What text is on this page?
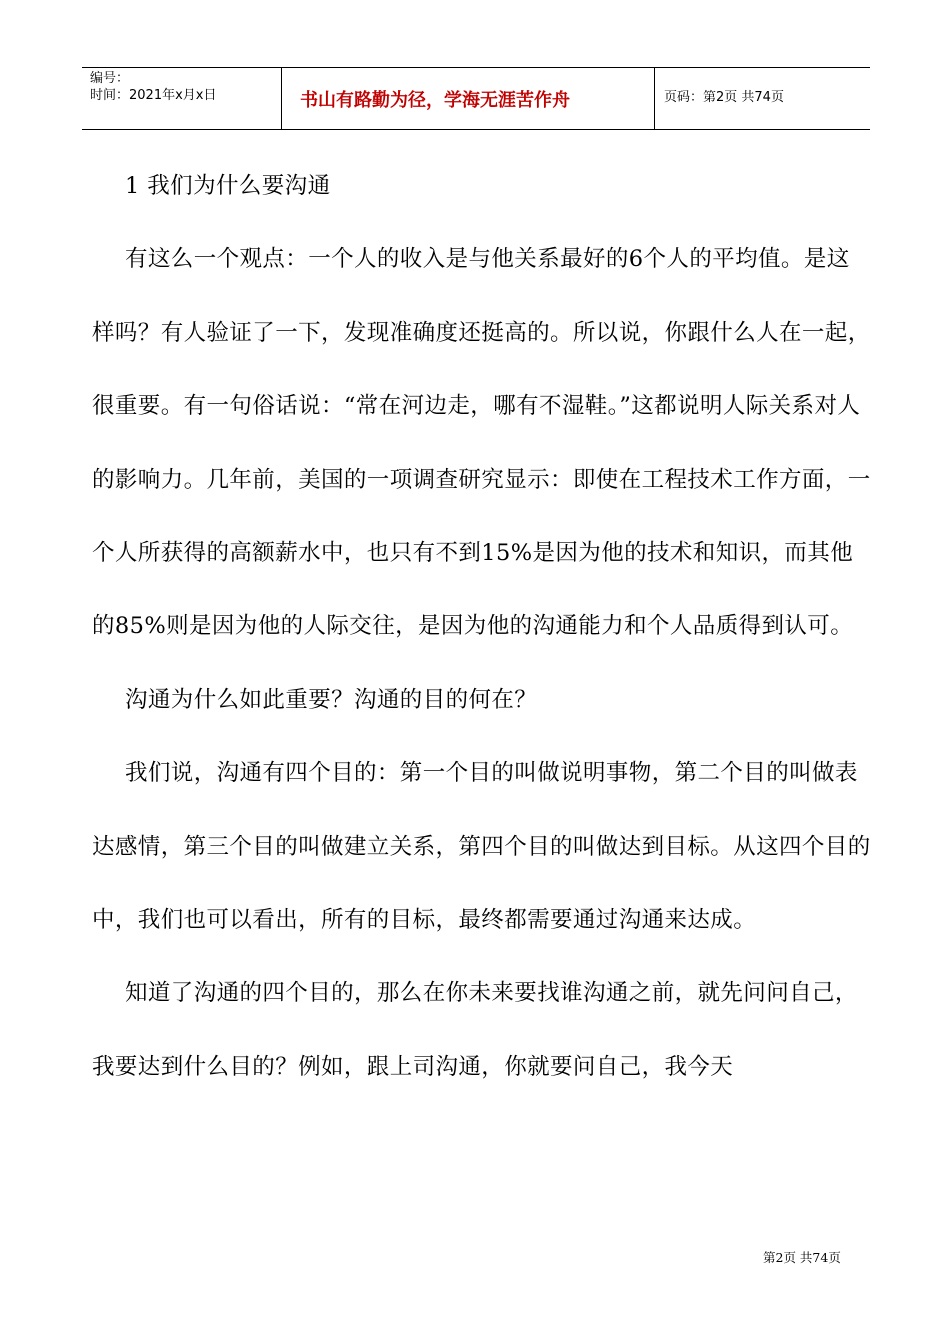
编号：
时间：2021年x月x日	书山有路勤为径，学海无涯苦作舟	页码：第2页 共74页

1 我们为什么要沟通

有这么一个观点：一个人的收入是与他关系最好的6个人的平均值。是这样吗？有人验证了一下，发现准确度还挺高的。所以说，你跟什么人在一起，很重要。有一句俗话说：“常在河边走，哪有不湿鞋。”这都说明人际关系对人的影响力。几年前，美国的一项调查研究显示：即使在工程技术工作方面，一个人所获得的高额薪水中，也只有不到15%是因为他的技术和知识，而其他的85%则是因为他的人际交往，是因为他的沟通能力和个人品质得到认可。

沟通为什么如此重要？沟通的目的何在？

我们说，沟通有四个目的：第一个目的叫做说明事物，第二个目的叫做表达感情，第三个目的叫做建立关系，第四个目的叫做达到目标。从这四个目的中，我们也可以看出，所有的目标，最终都需要通过沟通来达成。

知道了沟通的四个目的，那么在你未来要找谁沟通之前，就先问问自己，我要达到什么目的？例如，跟上司沟通，你就要问自己，我今天

第2页 共74页
